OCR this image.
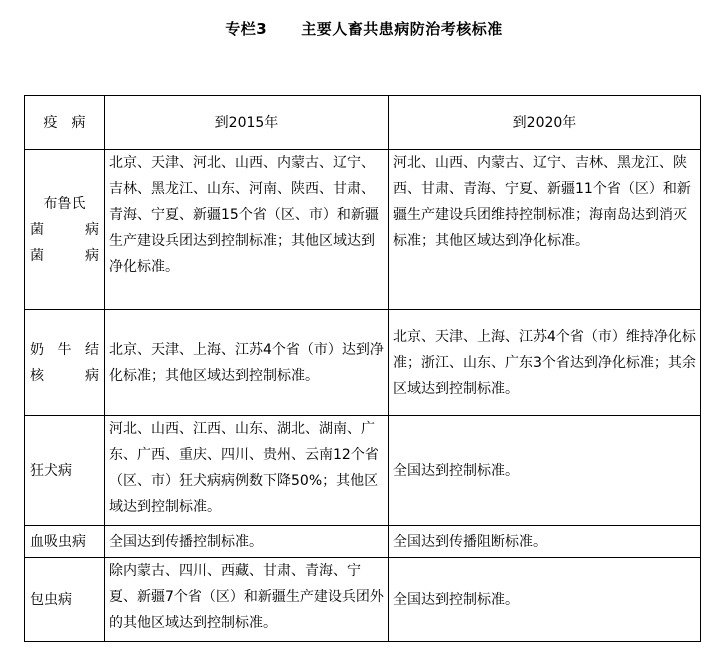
专栏3 主要人畜共患病防治考核标准
疫　病	到2015年	到2020年

布鲁氏
菌　病
菌　病	北京、天津、河北、山西、内蒙古、辽宁、吉林、黑龙江、山东、河南、陕西、甘肃、青海、宁夏、新疆15个省（区、市）和新疆生产建设兵团达到控制标准；其他区域达到净化标准。	河北、山西、内蒙古、辽宁、吉林、黑龙江、陕西、甘肃、青海、宁夏、新疆11个省（区）和新疆生产建设兵团维持控制标准；海南岛达到消灭标准；其他区域达到净化标准。

奶牛结
核　病	北京、天津、上海、江苏4个省（市）达到净化标准；其他区域达到控制标准。	北京、天津、上海、江苏4个省（市）维持净化标准；浙江、山东、广东3个省达到净化标准；其余区域达到控制标准。

狂犬病	河北、山西、江西、山东、湖北、湖南、广东、广西、重庆、四川、贵州、云南12个省（区、市）狂犬病病例数下降50%；其他区域达到控制标准。	全国达到控制标准。

血吸虫病	全国达到传播控制标准。	全国达到传播阻断标准。

包虫病	除内蒙古、四川、西藏、甘肃、青海、宁夏、新疆7个省（区）和新疆生产建设兵团外的其他区域达到控制标准。	全国达到控制标准。
